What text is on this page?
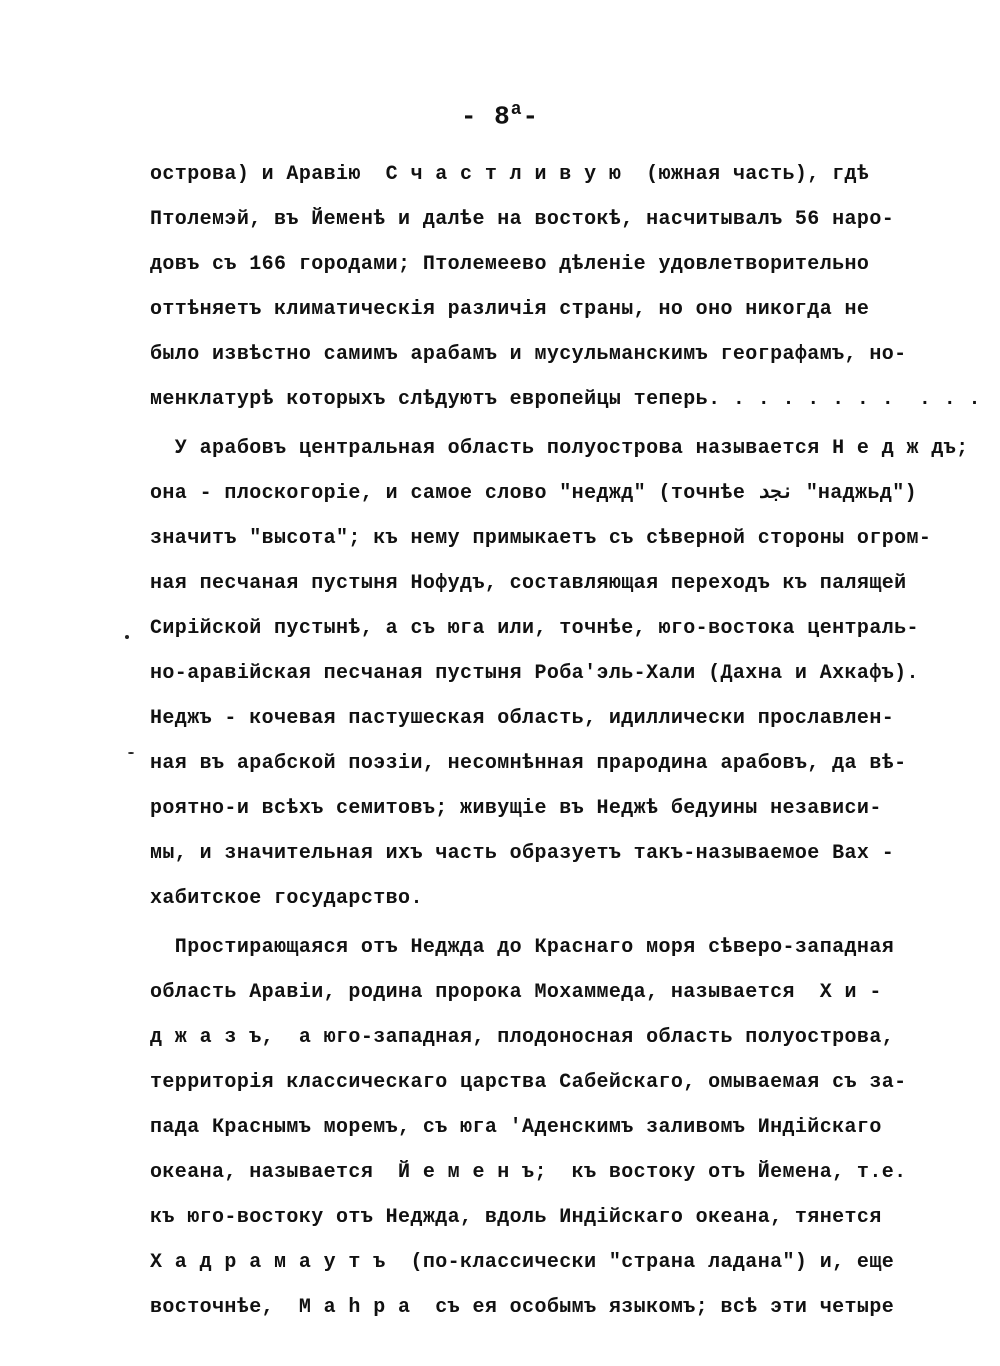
- $8^а-$
острова) и Аравію  С ч а с т л и в у ю  (южная часть), гдѣ
Птолемэй, въ Йеменѣ и далѣе на востокѣ, насчитывалъ 56 наро-
довъ съ 166 городами; Птолемеево дѣленіе удовлетворительно
оттѣняетъ климатическія различія страны, но оно никогда не
было извѣстно самимъ арабамъ и мусульманскимъ географамъ, но-
менклатурѣ которыхъ слѣдуютъ европейцы теперь. . . . . . . .  . . .
У арабовъ центральная область полуострова называется Н е д ж дъ;
она - плоскогоріе, и самое слово "неджд" (точнѣе نجد "наджьд")
значитъ "высота"; къ нему примыкаетъ съ сѣверной стороны огром-
ная песчаная пустыня Нофудъ, составляющая переходъ къ палящей
Сирійской пустынѣ, а съ юга или, точнѣе, юго-востока централь-
но-аравійская песчаная пустыня Роба'эль-Хали (Дахна и Ахкафъ).
Неджъ - кочевая пастушеская область, идиллически прославлен-
ная въ арабской поэзіи, несомнѣнная прародина арабовъ, да вѣ-
роятно-и всѣхъ семитовъ; живущіе въ Неджѣ бедуины независи-
мы, и значительная ихъ часть образуетъ такъ-называемое Вах -
хабитское государство.
Простирающаяся отъ Неджда до Краснаго моря сѣверо-западная
область Аравіи, родина пророка Мохаммеда, называется  Х и -
д ж а з ъ,  а юго-западная, плодоносная область полуострова,
территорія классическаго царства Сабейскаго, омываемая съ за-
пада Краснымъ моремъ, съ юга 'Аденскимъ заливомъ Индійскаго
океана, называется  Й е м е н ъ;  къ востоку отъ Йемена, т.е.
къ юго-востоку отъ Неджда, вдоль Индійскаго океана, тянется
Х а д р а м а у т ъ  (по-классически "страна ладана") и, еще
восточнѣе,  М а h р а  съ ея особымъ языкомъ; всѣ эти четыре
